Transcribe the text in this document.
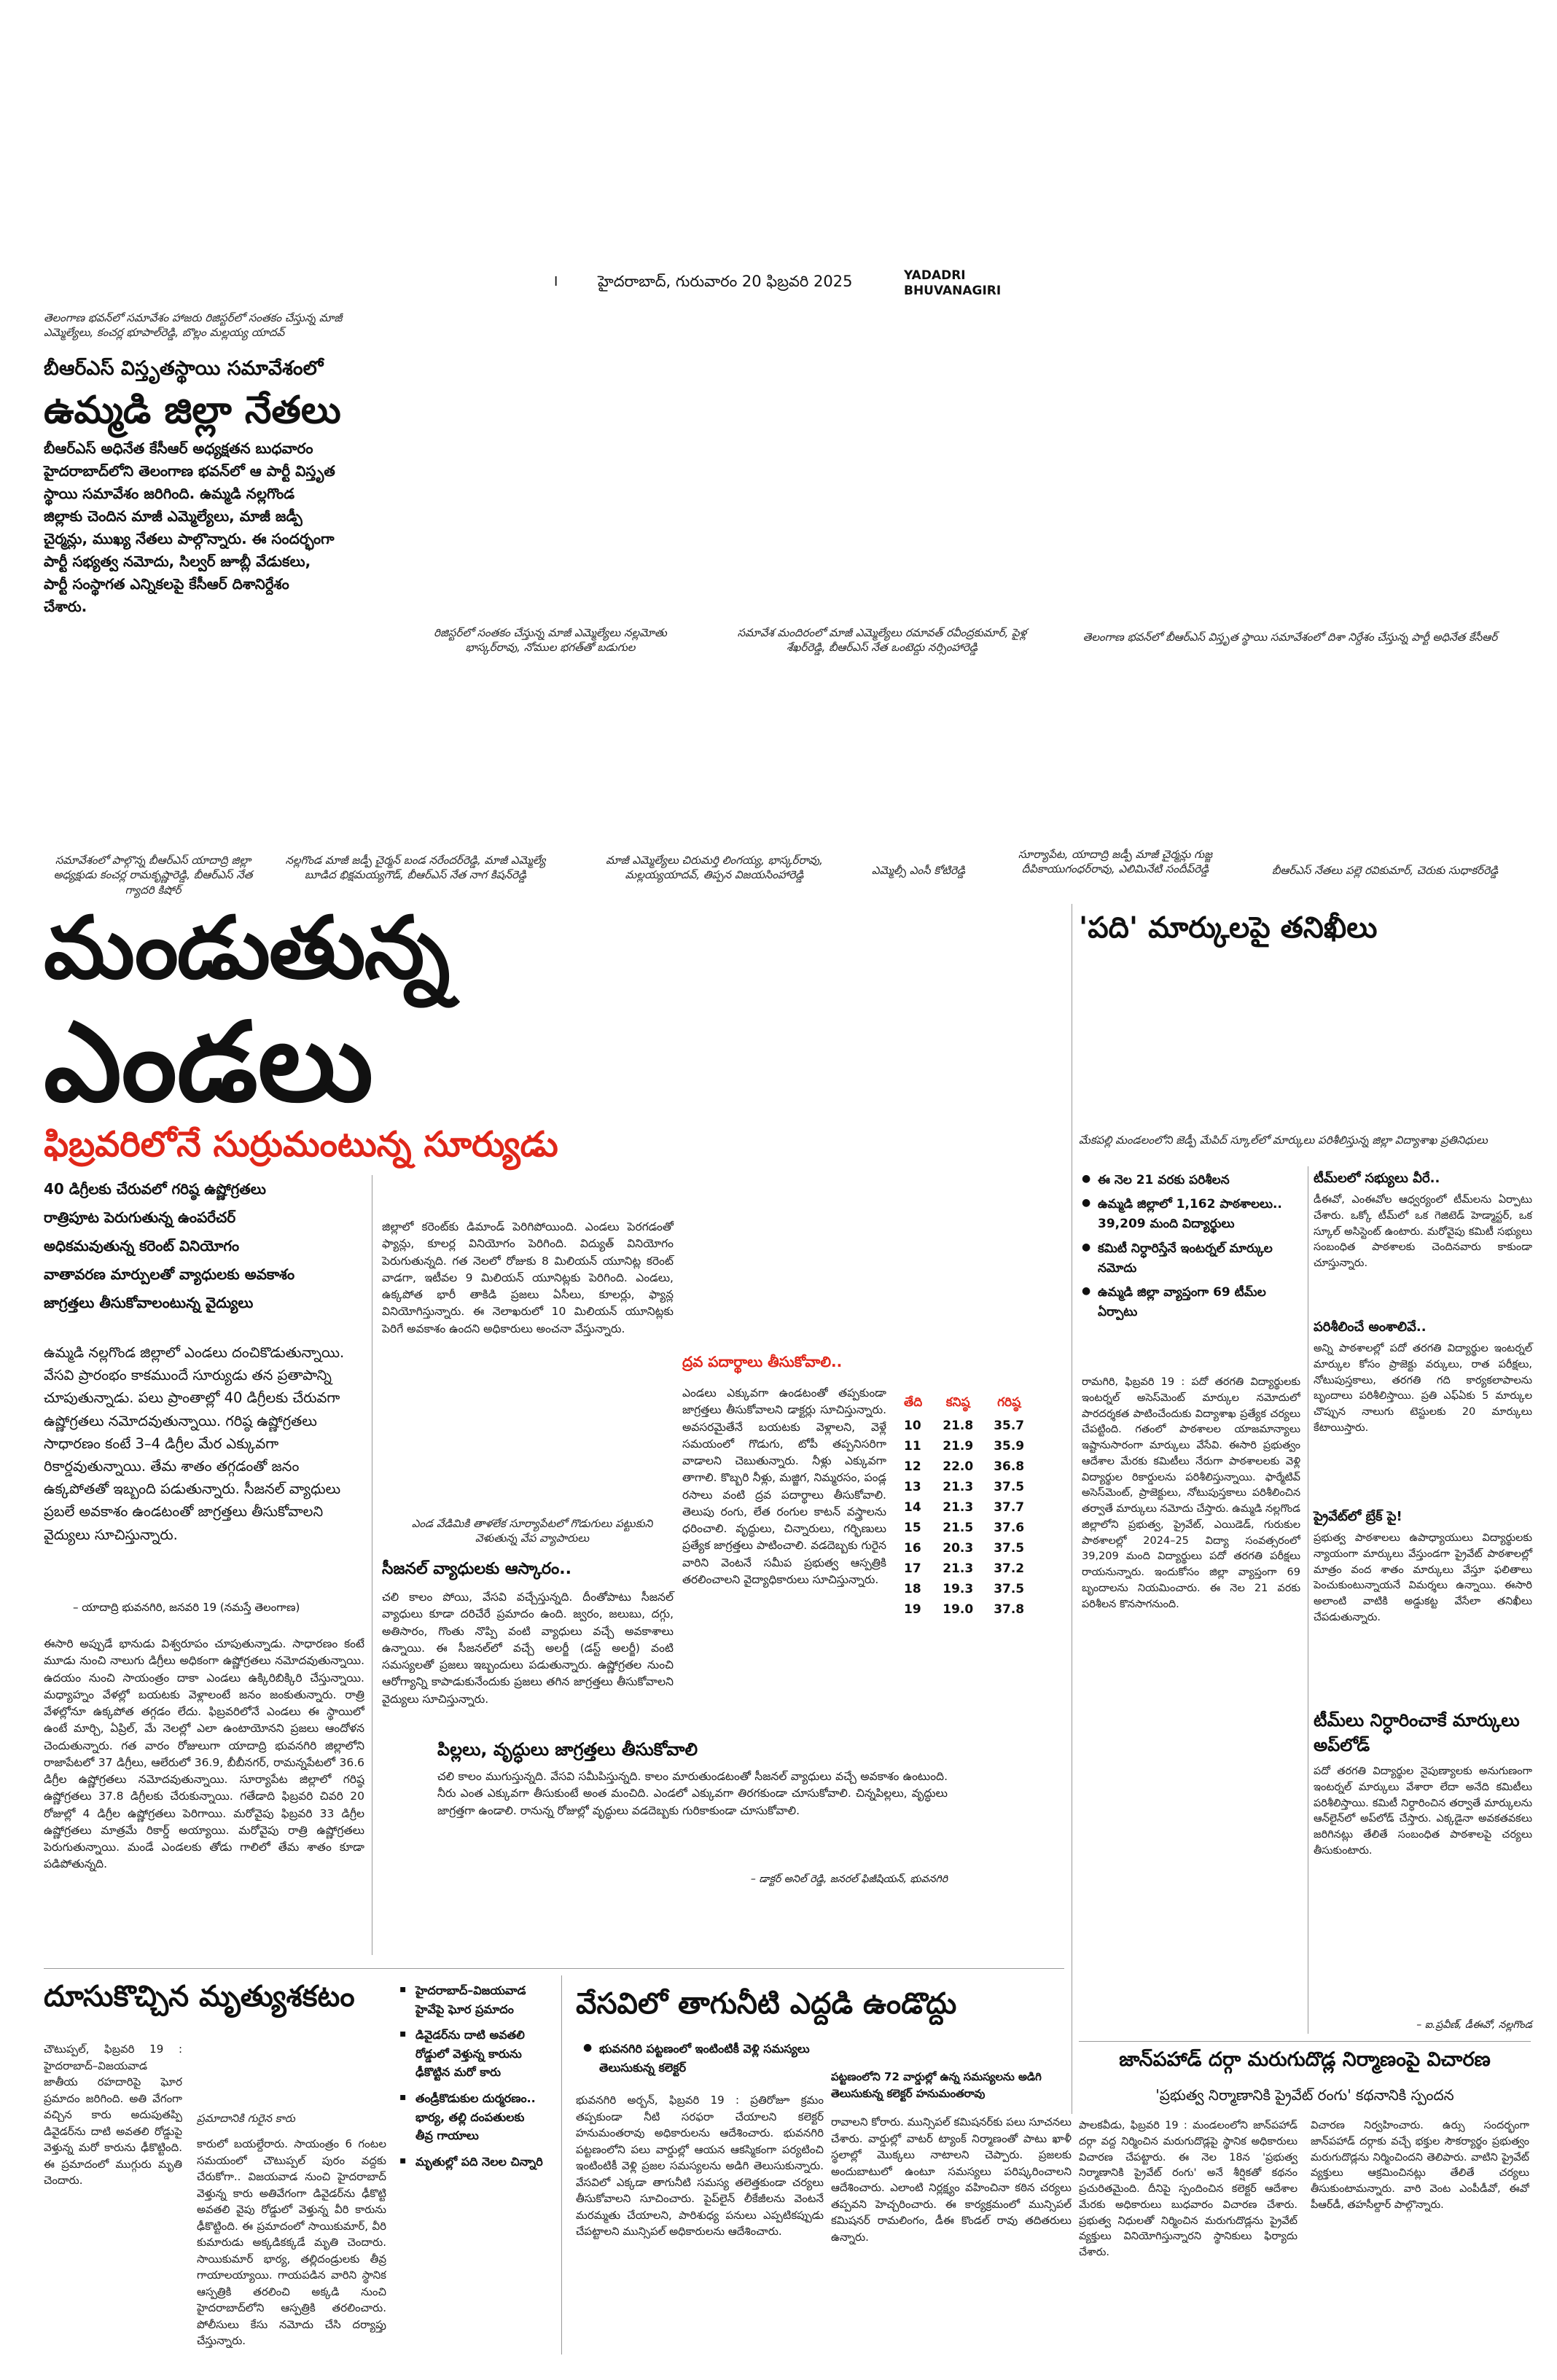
I	హైదరాబాద్, గురువారం 20 ఫిబ్రవరి 2025	YADADRI
BHUVANAGIRI
తెలంగాణ భవన్‌లో సమావేశం హాజరు రిజిస్టర్‌లో సంతకం చేస్తున్న మాజీ ఎమ్మెల్యేలు, కంచర్ల భూపాల్‌రెడ్డి, బొల్లం మల్లయ్య యాదవ్
బీఆర్ఎస్ విస్తృతస్థాయి సమావేశంలో
ఉమ్మడి జిల్లా నేతలు
బీఆర్ఎస్ అధినేత కేసీఆర్ అధ్యక్షతన బుధవారం హైదరాబాద్‌లోని తెలంగాణ భవన్‌లో ఆ పార్టీ విస్తృత స్థాయి సమావేశం జరిగింది. ఉమ్మడి నల్లగొండ జిల్లాకు చెందిన మాజీ ఎమ్మెల్యేలు, మాజీ జడ్పీ చైర్మన్లు, ముఖ్య నేతలు పాల్గొన్నారు. ఈ సందర్భంగా పార్టీ సభ్యత్వ నమోదు, సిల్వర్ జూబ్లీ వేడుకలు, పార్టీ సంస్థాగత ఎన్నికలపై కేసీఆర్ దిశానిర్దేశం చేశారు.
రిజిస్టర్‌లో సంతకం చేస్తున్న మాజీ ఎమ్మెల్యేలు నల్లమోతు భాస్కర్‌రావు, నోముల భగత్‌తో బడుగుల
సమావేశ మందిరంలో మాజీ ఎమ్మెల్యేలు రమావత్ రవీంద్రకుమార్, పైళ్ల శేఖర్‌రెడ్డి, బీఆర్ఎస్ నేత ఒంటెద్దు నర్సింహారెడ్డి
తెలంగాణ భవన్‌లో బీఆర్ఎస్ విస్తృత స్థాయి సమావేశంలో దిశా నిర్దేశం చేస్తున్న పార్టీ అధినేత కేసీఆర్
సమావేశంలో పాల్గొన్న బీఆర్ఎస్ యాదాద్రి జిల్లా అధ్యక్షుడు కంచర్ల రామకృష్ణారెడ్డి, బీఆర్ఎస్ నేత గ్యాదరి కిషోర్
నల్లగొండ మాజీ జడ్పీ చైర్మన్ బండ నరేందర్‌రెడ్డి, మాజీ ఎమ్మెల్యే బూడిద భిక్షమయ్యగౌడ్, బీఆర్ఎస్ నేత నాగ కిషన్‌రెడ్డి
మాజీ ఎమ్మెల్యేలు చిరుమర్తి లింగయ్య, భాస్కర్‌రావు, మల్లయ్యయాదవ్, తిప్పన విజయసింహారెడ్డి	ఎమ్మెల్సీ ఎంసీ కోటిరెడ్డి
సూర్యాపేట, యాదాద్రి జడ్పీ మాజీ చైర్మన్లు గుజ్జ దీపికాయుగంధర్‌రావు, ఎలిమినేటి సందీప్‌రెడ్డి	బీఆర్ఎస్ నేతలు పల్లె రవికుమార్, చెరుకు సుధాకర్‌రెడ్డి
మండుతున్న
ఎండలు
ఫిబ్రవరిలోనే సుర్రుమంటున్న సూర్యుడు
40 డిగ్రీలకు చేరువలో గరిష్ఠ ఉష్ణోగ్రతలు
రాత్రిపూట పెరుగుతున్న ఉంపరేచర్
అధికమవుతున్న కరెంట్ వినియోగం
వాతావరణ మార్పులతో వ్యాధులకు అవకాశం
జాగ్రత్తలు తీసుకోవాలంటున్న వైద్యులు
ఉమ్మడి నల్లగొండ జిల్లాలో ఎండలు దంచికొడుతున్నాయి. వేసవి ప్రారంభం కాకముందే సూర్యుడు తన ప్రతాపాన్ని చూపుతున్నాడు. పలు ప్రాంతాల్లో 40 డిగ్రీలకు చేరువగా ఉష్ణోగ్రతలు నమోదవుతున్నాయి. గరిష్ఠ ఉష్ణోగ్రతలు సాధారణం కంటే 3–4 డిగ్రీల మేర ఎక్కువగా రికార్డవుతున్నాయి. తేమ శాతం తగ్గడంతో జనం ఉక్కపోతతో ఇబ్బంది పడుతున్నారు. సీజనల్ వ్యాధులు ప్రబలే అవకాశం ఉండటంతో జాగ్రత్తలు తీసుకోవాలని వైద్యులు సూచిస్తున్నారు.
– యాదాద్రి భువనగిరి, జనవరి 19 (నమస్తే తెలంగాణ)
ఈసారి అప్పుడే భానుడు విశ్వరూపం చూపుతున్నాడు. సాధారణం కంటే మూడు నుంచి నాలుగు డిగ్రీలు అధికంగా ఉష్ణోగ్రతలు నమోదవుతున్నాయి. ఉదయం నుంచి సాయంత్రం దాకా ఎండలు ఉక్కిరిబిక్కిరి చేస్తున్నాయి. మధ్యాహ్నం వేళల్లో బయటకు వెళ్లాలంటే జనం జంకుతున్నారు. రాత్రి వేళల్లోనూ ఉక్కపోత తగ్గడం లేదు. ఫిబ్రవరిలోనే ఎండలు ఈ స్థాయిలో ఉంటే మార్చి, ఏప్రిల్, మే నెలల్లో ఎలా ఉంటాయోనని ప్రజలు ఆందోళన చెందుతున్నారు. గత వారం రోజులుగా యాదాద్రి భువనగిరి జిల్లాలోని రాజాపేటలో 37 డిగ్రీలు, ఆలేరులో 36.9, బీబీనగర్, రామన్నపేటలో 36.6 డిగ్రీల ఉష్ణోగ్రతలు నమోదవుతున్నాయి. సూర్యాపేట జిల్లాలో గరిష్ఠ ఉష్ణోగ్రతలు 37.8 డిగ్రీలకు చేరుకున్నాయి. గతేడాది ఫిబ్రవరి చివరి 20 రోజుల్లో 4 డిగ్రీల ఉష్ణోగ్రతలు పెరిగాయి. మరోవైపు ఫిబ్రవరి 33 డిగ్రీల ఉష్ణోగ్రతలు మాత్రమే రికార్డ్ అయ్యాయి. మరోవైపు రాత్రి ఉష్ణోగ్రతలు పెరుగుతున్నాయి. మండే ఎండలకు తోడు గాలిలో తేమ శాతం కూడా పడిపోతున్నది.
జిల్లాలో కరెంట్‌కు డిమాండ్ పెరిగిపోయింది. ఎండలు పెరగడంతో ఫ్యాన్లు, కూలర్ల వినియోగం పెరిగింది. విద్యుత్ వినియోగం పెరుగుతున్నది. గత నెలలో రోజుకు 8 మిలియన్ యూనిట్ల కరెంట్ వాడగా, ఇటీవల 9 మిలియన్ యూనిట్లకు పెరిగింది. ఎండలు, ఉక్కపోత భారీ తాకిడి ప్రజలు ఏసీలు, కూలర్లు, ఫ్యాన్ల వినియోగిస్తున్నారు. ఈ నెలాఖరులో 10 మిలియన్ యూనిట్లకు పెరిగే అవకాశం ఉందని అధికారులు అంచనా వేస్తున్నారు.
ఎండ వేడిమికి తాళలేక సూర్యాపేటలో గొడుగులు పట్టుకుని వెళుతున్న వేప వ్యాపారులు
సీజనల్ వ్యాధులకు ఆస్కారం..
చలి కాలం పోయి, వేసవి వచ్చేస్తున్నది. దీంతోపాటు సీజనల్ వ్యాధులు కూడా దరిచేరే ప్రమాదం ఉంది. జ్వరం, జలుబు, దగ్గు, అతిసారం, గొంతు నొప్పి వంటి వ్యాధులు వచ్చే అవకాశాలు ఉన్నాయి. ఈ సీజనల్‌లో వచ్చే అలర్జీ (డస్ట్ అలర్జీ) వంటి సమస్యలతో ప్రజలు ఇబ్బందులు పడుతున్నారు. ఉష్ణోగ్రతల నుంచి ఆరోగ్యాన్ని కాపాడుకునేందుకు ప్రజలు తగిన జాగ్రత్తలు తీసుకోవాలని వైద్యులు సూచిస్తున్నారు.
ద్రవ పదార్థాలు తీసుకోవాలి..
ఎండలు ఎక్కువగా ఉండటంతో తప్పకుండా జాగ్రత్తలు తీసుకోవాలని డాక్టర్లు సూచిస్తున్నారు. అవసరమైతేనే బయటకు వెళ్లాలని, వెళ్లే సమయంలో గొడుగు, టోపీ తప్పనిసరిగా వాడాలని చెబుతున్నారు. నీళ్లు ఎక్కువగా తాగాలి. కొబ్బరి నీళ్లు, మజ్జిగ, నిమ్మరసం, పండ్ల రసాలు వంటి ద్రవ పదార్థాలు తీసుకోవాలి. తెలుపు రంగు, లేత రంగుల కాటన్ వస్త్రాలను ధరించాలి. వృద్ధులు, చిన్నారులు, గర్భిణులు ప్రత్యేక జాగ్రత్తలు పాటించాలి. వడదెబ్బకు గురైన వారిని వెంటనే సమీప ప్రభుత్వ ఆస్పత్రికి తరలించాలని వైద్యాధికారులు సూచిస్తున్నారు.
పిల్లలు, వృద్ధులు జాగ్రత్తలు తీసుకోవాలి
చలి కాలం ముగుస్తున్నది. వేసవి సమీపిస్తున్నది. కాలం మారుతుండటంతో సీజనల్ వ్యాధులు వచ్చే అవకాశం ఉంటుంది. నీరు ఎంత ఎక్కువగా తీసుకుంటే అంత మంచిది. ఎండలో ఎక్కువగా తిరగకుండా చూసుకోవాలి. చిన్నపిల్లలు, వృద్ధులు జాగ్రత్తగా ఉండాలి. రానున్న రోజుల్లో వృద్ధులు వడదెబ్బకు గురికాకుండా చూసుకోవాలి.
– డాక్టర్ అనిల్ రెడ్డి, జనరల్ ఫిజీషియన్, భువనగిరి
తేది	కనిష్ఠ	గరిష్ఠ
10	21.8	35.7
11	21.9	35.9
12	22.0	36.8
13	21.3	37.5
14	21.3	37.7
15	21.5	37.6
16	20.3	37.5
17	21.3	37.2
18	19.3	37.5
19	19.0	37.8
'పది' మార్కులపై తనిఖీలు
మేకపల్లి మండలంలోని జెడ్పీ మేపిద్ స్కూల్‌లో మార్కులు పరిశీలిస్తున్న జిల్లా విద్యాశాఖ ప్రతినిధులు
● ఈ నెల 21 వరకు పరిశీలన
● ఉమ్మడి జిల్లాలో 1,162 పాఠశాలలు.. 39,209 మంది విద్యార్థులు
● కమిటీ నిర్ధారిస్తేనే ఇంటర్నల్ మార్కుల నమోదు
● ఉమ్మడి జిల్లా వ్యాప్తంగా 69 టీమ్‌ల ఏర్పాటు
రామగిరి, ఫిబ్రవరి 19 : పదో తరగతి విద్యార్థులకు ఇంటర్నల్ అసెస్‌మెంట్ మార్కుల నమోదులో పారదర్శకత పాటించేందుకు విద్యాశాఖ ప్రత్యేక చర్యలు చేపట్టింది. గతంలో పాఠశాలల యాజమాన్యాలు ఇష్టానుసారంగా మార్కులు వేసేవి. ఈసారి ప్రభుత్వం ఆదేశాల మేరకు కమిటీలు నేరుగా పాఠశాలలకు వెళ్లి విద్యార్థుల రికార్డులను పరిశీలిస్తున్నాయి. ఫార్మేటివ్ అసెస్‌మెంట్, ప్రాజెక్టులు, నోటుపుస్తకాలు పరిశీలించిన తర్వాతే మార్కులు నమోదు చేస్తారు. ఉమ్మడి నల్లగొండ జిల్లాలోని ప్రభుత్వ, ప్రైవేట్, ఎయిడెడ్, గురుకుల పాఠశాలల్లో 2024–25 విద్యా సంవత్సరంలో 39,209 మంది విద్యార్థులు పదో తరగతి పరీక్షలు రాయనున్నారు. ఇందుకోసం జిల్లా వ్యాప్తంగా 69 బృందాలను నియమించారు. ఈ నెల 21 వరకు పరిశీలన కొనసాగనుంది.
టీమ్‌లలో సభ్యులు వీరే..
డీఈవో, ఎంఈవోల ఆధ్వర్యంలో టీమ్‌లను ఏర్పాటు చేశారు. ఒక్కో టీమ్‌లో ఒక గెజిటెడ్ హెడ్మాస్టర్, ఒక స్కూల్ అసిస్టెంట్ ఉంటారు. మరోవైపు కమిటీ సభ్యులు సంబంధిత పాఠశాలకు చెందినవారు కాకుండా చూస్తున్నారు.
పరిశీలించే అంశాలివే..
అన్ని పాఠశాలల్లో పదో తరగతి విద్యార్థుల ఇంటర్నల్ మార్కుల కోసం ప్రాజెక్టు వర్కులు, రాత పరీక్షలు, నోటుపుస్తకాలు, తరగతి గది కార్యకలాపాలను బృందాలు పరిశీలిస్తాయి. ప్రతి ఎఫ్ఏకు 5 మార్కుల చొప్పున నాలుగు టెస్టులకు 20 మార్కులు కేటాయిస్తారు.
ప్రైవేట్‌లో బ్రేక్ పై!
ప్రభుత్వ పాఠశాలలు ఉపాధ్యాయులు విద్యార్థులకు న్యాయంగా మార్కులు వేస్తుండగా ప్రైవేట్ పాఠశాలల్లో మాత్రం వంద శాతం మార్కులు వేస్తూ ఫలితాలు పెంచుకుంటున్నాయనే విమర్శలు ఉన్నాయి. ఈసారి అలాంటి వాటికి అడ్డుకట్ట వేసేలా తనిఖీలు చేపడుతున్నారు.
టీమ్‌లు నిర్ధారించాకే మార్కులు అప్‌లోడ్
పదో తరగతి విద్యార్థుల నైపుణ్యాలకు అనుగుణంగా ఇంటర్నల్ మార్కులు వేశారా లేదా అనేది కమిటీలు పరిశీలిస్తాయి. కమిటీ నిర్ధారించిన తర్వాతే మార్కులను ఆన్‌లైన్‌లో అప్‌లోడ్ చేస్తారు. ఎక్కడైనా అవకతవకలు జరిగినట్లు తేలితే సంబంధిత పాఠశాలపై చర్యలు తీసుకుంటారు.
– ఐ.ప్రవీణ్, డీఈవో, నల్లగొండ
దూసుకొచ్చిన మృత్యుశకటం
చౌటుప్పల్, ఫిబ్రవరి 19 : హైదరాబాద్–విజయవాడ జాతీయ రహదారిపై ఘోర ప్రమాదం జరిగింది. అతి వేగంగా వచ్చిన కారు అదుపుతప్పి డివైడర్‌ను దాటి అవతలి రోడ్డుపై వెళ్తున్న మరో కారును ఢీకొట్టింది. ఈ ప్రమాదంలో ముగ్గురు మృతి చెందారు.
ప్రమాదానికి గురైన కారు
కారులో బయల్దేరారు. సాయంత్రం 6 గంటల సమయంలో చౌటుప్పల్ పురం వద్దకు చేరుకోగా.. విజయవాడ నుంచి హైదరాబాద్ వెళ్తున్న కారు అతివేగంగా డివైడర్‌ను ఢీకొట్టి అవతలి వైపు రోడ్డులో వెళ్తున్న వీరి కారును ఢీకొట్టింది. ఈ ప్రమాదంలో సాయికుమార్, వీరి కుమారుడు అక్కడికక్కడే మృతి చెందారు. సాయికుమార్ భార్య, తల్లిదండ్రులకు తీవ్ర గాయాలయ్యాయి. గాయపడిన వారిని స్థానిక ఆస్పత్రికి తరలించి అక్కడి నుంచి హైదరాబాద్‌లోని ఆస్పత్రికి తరలించారు. పోలీసులు కేసు నమోదు చేసి దర్యాప్తు చేస్తున్నారు.
▪ హైదరాబాద్–విజయవాడ హైవేపై ఘోర ప్రమాదం
▪ డివైడర్‌ను దాటి అవతలి రోడ్డులో వెళ్తున్న కారును ఢీకొట్టిన మరో కారు
▪ తండ్రీకొడుకుల దుర్మరణం.. భార్య, తల్లి దంపతులకు తీవ్ర గాయాలు
▪ మృతుల్లో పది నెలల చిన్నారి
వేసవిలో తాగునీటి ఎద్దడి ఉండొద్దు
● భువనగిరి పట్టణంలో ఇంటింటికీ వెళ్లి సమస్యలు తెలుసుకున్న కలెక్టర్
భువనగిరి అర్బన్, ఫిబ్రవరి 19 : ప్రతిరోజూ క్రమం తప్పకుండా నీటి సరఫరా చేయాలని కలెక్టర్ హనుమంతరావు అధికారులను ఆదేశించారు. భువనగిరి పట్టణంలోని పలు వార్డుల్లో ఆయన ఆకస్మికంగా పర్యటించి ఇంటింటికీ వెళ్లి ప్రజల సమస్యలను అడిగి తెలుసుకున్నారు. వేసవిలో ఎక్కడా తాగునీటి సమస్య తలెత్తకుండా చర్యలు తీసుకోవాలని సూచించారు. పైప్‌లైన్ లీకేజీలను వెంటనే మరమ్మతు చేయాలని, పారిశుధ్య పనులు ఎప్పటికప్పుడు చేపట్టాలని మున్సిపల్ అధికారులను ఆదేశించారు.
పట్టణంలోని 72 వార్డుల్లో ఉన్న సమస్యలను అడిగి తెలుసుకున్న కలెక్టర్ హనుమంతరావు
రావాలని కోరారు. మున్సిపల్ కమిషనర్‌కు పలు సూచనలు చేశారు. వార్డుల్లో వాటర్ ట్యాంక్ నిర్మాణంతో పాటు ఖాళీ స్థలాల్లో మొక్కలు నాటాలని చెప్పారు. ప్రజలకు అందుబాటులో ఉంటూ సమస్యలు పరిష్కరించాలని ఆదేశించారు. ఎలాంటి నిర్లక్ష్యం వహించినా కఠిన చర్యలు తప్పవని హెచ్చరించారు. ఈ కార్యక్రమంలో మున్సిపల్ కమిషనర్ రామలింగం, డీఈ కొండల్ రావు తదితరులు ఉన్నారు.
జాన్‌పహాడ్ దర్గా మరుగుదొడ్ల నిర్మాణంపై విచారణ
'ప్రభుత్వ నిర్మాణానికి ప్రైవేట్ రంగు' కథనానికి స్పందన
పాలకవీడు, ఫిబ్రవరి 19 : మండలంలోని జాన్‌పహాడ్ దర్గా వద్ద నిర్మించిన మరుగుదొడ్లపై స్థానిక అధికారులు విచారణ చేపట్టారు. ఈ నెల 18న 'ప్రభుత్వ నిర్మాణానికి ప్రైవేట్ రంగు' అనే శీర్షికతో కథనం ప్రచురితమైంది. దీనిపై స్పందించిన కలెక్టర్ ఆదేశాల మేరకు అధికారులు బుధవారం విచారణ చేశారు. ప్రభుత్వ నిధులతో నిర్మించిన మరుగుదొడ్లను ప్రైవేట్ వ్యక్తులు వినియోగిస్తున్నారని స్థానికులు ఫిర్యాదు చేశారు.
విచారణ నిర్వహించారు. ఉర్సు సందర్భంగా జాన్‌పహాడ్ దర్గాకు వచ్చే భక్తుల సౌకర్యార్థం ప్రభుత్వం మరుగుదొడ్లను నిర్మించిందని తెలిపారు. వాటిని ప్రైవేట్ వ్యక్తులు ఆక్రమించినట్లు తేలితే చర్యలు తీసుకుంటామన్నారు. వారి వెంట ఎంపీడీవో, ఈవో పీఆర్‌డీ, తహసీల్దార్ పాల్గొన్నారు.
